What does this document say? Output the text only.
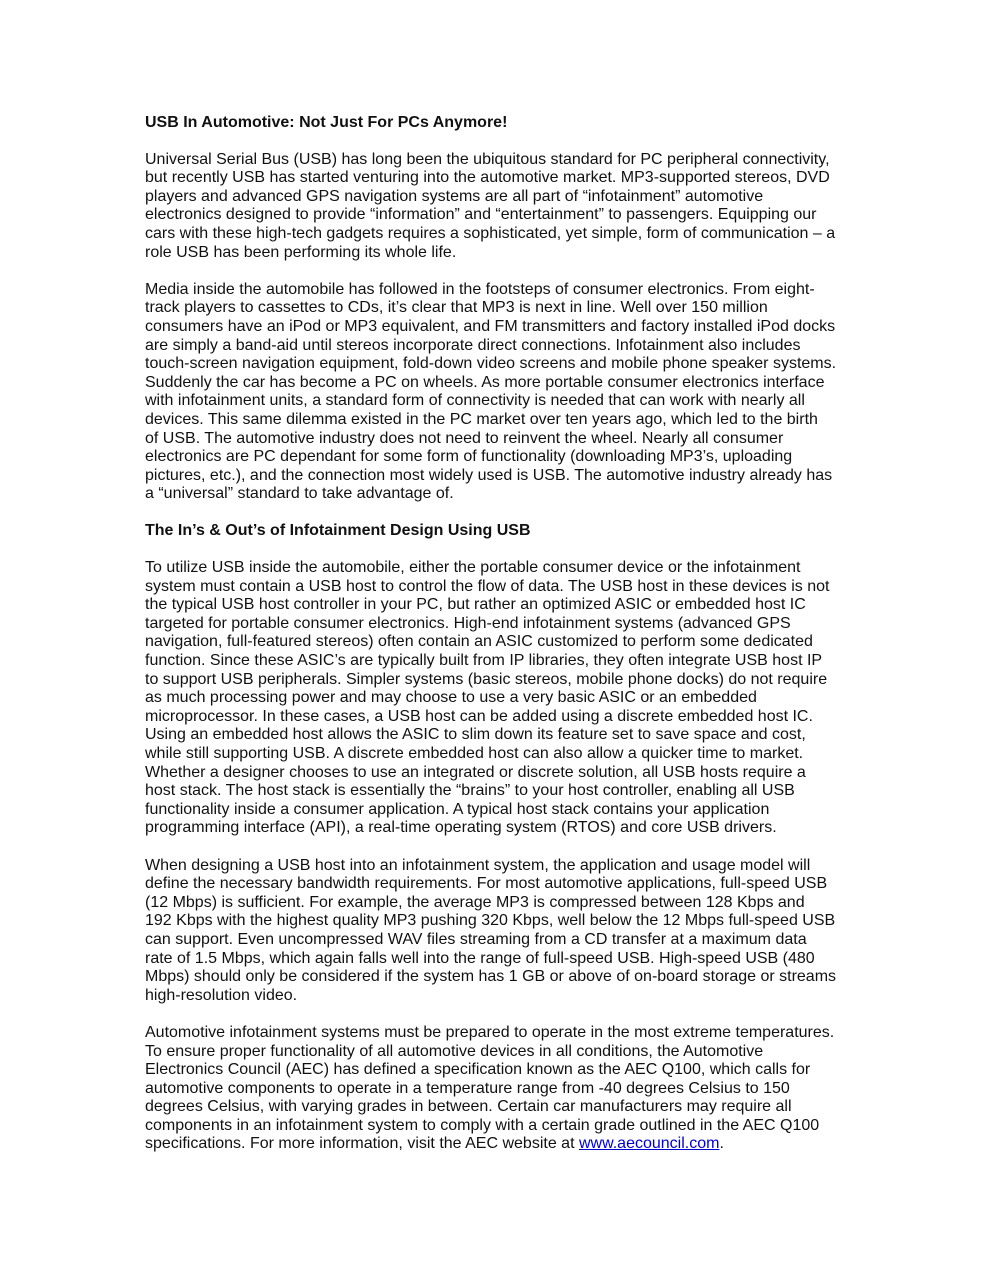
USB In Automotive: Not Just For PCs Anymore!
Universal Serial Bus (USB) has long been the ubiquitous standard for PC peripheral connectivity,
but recently USB has started venturing into the automotive market. MP3-supported stereos, DVD
players and advanced GPS navigation systems are all part of “infotainment” automotive
electronics designed to provide “information” and “entertainment” to passengers. Equipping our
cars with these high-tech gadgets requires a sophisticated, yet simple, form of communication – a
role USB has been performing its whole life.
Media inside the automobile has followed in the footsteps of consumer electronics. From eight-
track players to cassettes to CDs, it’s clear that MP3 is next in line. Well over 150 million
consumers have an iPod or MP3 equivalent, and FM transmitters and factory installed iPod docks
are simply a band-aid until stereos incorporate direct connections. Infotainment also includes
touch-screen navigation equipment, fold-down video screens and mobile phone speaker systems.
Suddenly the car has become a PC on wheels. As more portable consumer electronics interface
with infotainment units, a standard form of connectivity is needed that can work with nearly all
devices. This same dilemma existed in the PC market over ten years ago, which led to the birth
of USB. The automotive industry does not need to reinvent the wheel. Nearly all consumer
electronics are PC dependant for some form of functionality (downloading MP3’s, uploading
pictures, etc.), and the connection most widely used is USB. The automotive industry already has
a “universal” standard to take advantage of.
The In’s & Out’s of Infotainment Design Using USB
To utilize USB inside the automobile, either the portable consumer device or the infotainment
system must contain a USB host to control the flow of data. The USB host in these devices is not
the typical USB host controller in your PC, but rather an optimized ASIC or embedded host IC
targeted for portable consumer electronics. High-end infotainment systems (advanced GPS
navigation, full-featured stereos) often contain an ASIC customized to perform some dedicated
function. Since these ASIC’s are typically built from IP libraries, they often integrate USB host IP
to support USB peripherals. Simpler systems (basic stereos, mobile phone docks) do not require
as much processing power and may choose to use a very basic ASIC or an embedded
microprocessor. In these cases, a USB host can be added using a discrete embedded host IC.
Using an embedded host allows the ASIC to slim down its feature set to save space and cost,
while still supporting USB. A discrete embedded host can also allow a quicker time to market.
Whether a designer chooses to use an integrated or discrete solution, all USB hosts require a
host stack. The host stack is essentially the “brains” to your host controller, enabling all USB
functionality inside a consumer application. A typical host stack contains your application
programming interface (API), a real-time operating system (RTOS) and core USB drivers.
When designing a USB host into an infotainment system, the application and usage model will
define the necessary bandwidth requirements. For most automotive applications, full-speed USB
(12 Mbps) is sufficient. For example, the average MP3 is compressed between 128 Kbps and
192 Kbps with the highest quality MP3 pushing 320 Kbps, well below the 12 Mbps full-speed USB
can support. Even uncompressed WAV files streaming from a CD transfer at a maximum data
rate of 1.5 Mbps, which again falls well into the range of full-speed USB. High-speed USB (480
Mbps) should only be considered if the system has 1 GB or above of on-board storage or streams
high-resolution video.
Automotive infotainment systems must be prepared to operate in the most extreme temperatures.
To ensure proper functionality of all automotive devices in all conditions, the Automotive
Electronics Council (AEC) has defined a specification known as the AEC Q100, which calls for
automotive components to operate in a temperature range from -40 degrees Celsius to 150
degrees Celsius, with varying grades in between. Certain car manufacturers may require all
components in an infotainment system to comply with a certain grade outlined in the AEC Q100
specifications. For more information, visit the AEC website at www.aecouncil.com.
